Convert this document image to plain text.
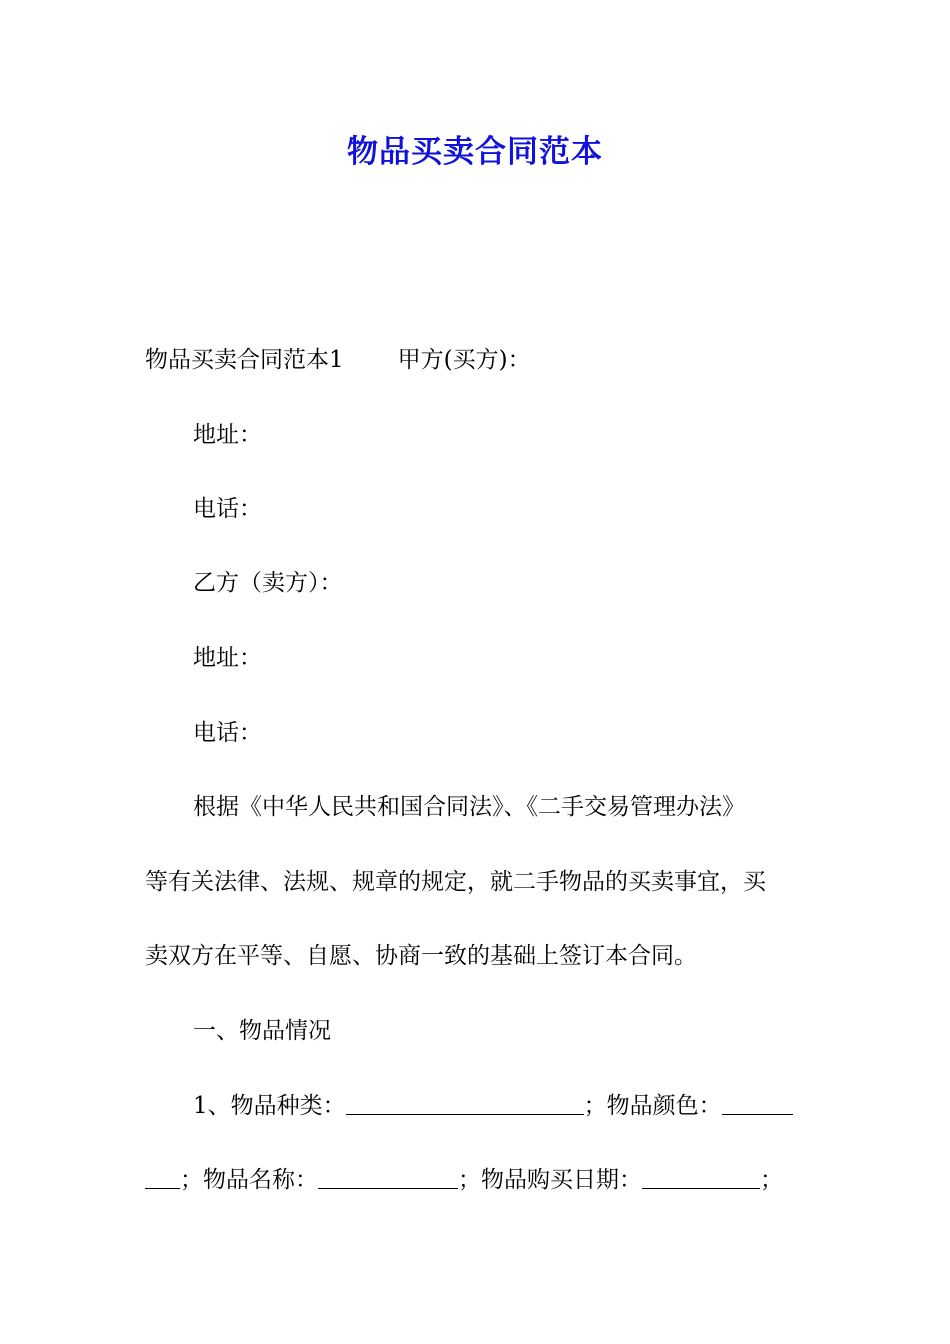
物品买卖合同范本
物品买卖合同范本1 甲方(买方)：
地址：
电话：
乙方（卖方）：
地址：
电话：
根据《中华人民共和国合同法》、《二手交易管理办法》
等有关法律、法规、规章的规定，就二手物品的买卖事宜，买
卖双方在平等、自愿、协商一致的基础上签订本合同。
一、物品情况
1、物品种类：	；物品颜色：
；物品名称：	；物品购买日期：	；
